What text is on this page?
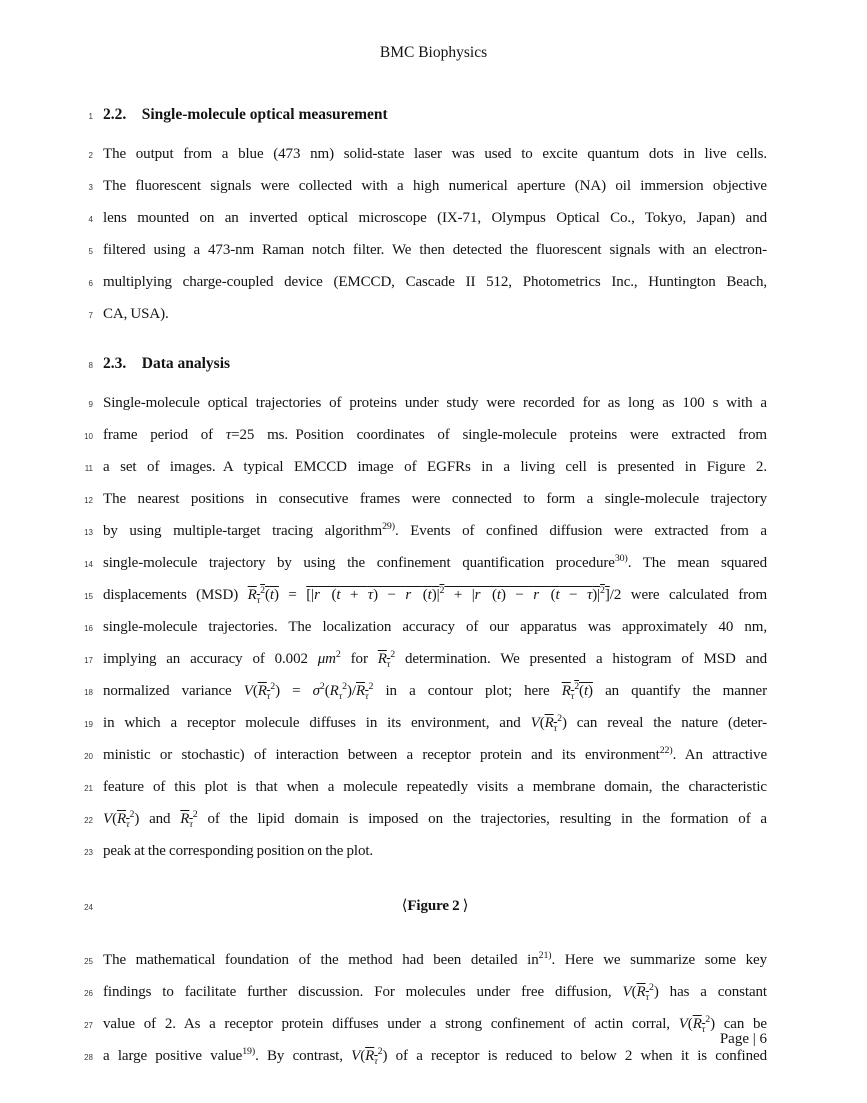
BMC Biophysics
1 2.2.  Single-molecule optical measurement
2 The output from a blue (473 nm) solid-state laser was used to excite quantum dots in live cells.
3 The fluorescent signals were collected with a high numerical aperture (NA) oil immersion objective
4 lens mounted on an inverted optical microscope (IX-71, Olympus Optical Co., Tokyo, Japan) and
5 filtered using a 473-nm Raman notch filter. We then detected the fluorescent signals with an electron-
6 multiplying charge-coupled device (EMCCD, Cascade II 512, Photometrics Inc., Huntington Beach,
7 CA, USA).
8 2.3.  Data analysis
9 Single-molecule optical trajectories of proteins under study were recorded for as long as 100 s with a
10 frame period of τ=25 ms. Position coordinates of single-molecule proteins were extracted from
11 a set of images. A typical EMCCD image of EGFRs in a living cell is presented in Figure 2.
12 The nearest positions in consecutive frames were connected to form a single-molecule trajectory
13 by using multiple-target tracing algorithm$^{29)}$. Events of confined diffusion were extracted from a
14 single-molecule trajectory by using the confinement quantification procedure$^{30)}$. The mean squared
15 displacements (MSD) $R_\tau^2(t)$ = [|r⃗(t + $\tau) - r⃗(t)|^2$ + |r⃗(t) − r⃗(t − $\tau)|^2]/2$ were calculated from
16 single-molecule trajectories. The localization accuracy of our apparatus was approximately 40 nm,
17 implying an accuracy of 0.002 $\mu m^2$ for $R_\tau^2$ determination. We presented a histogram of MSD and
18 normalized variance $V(R_\tau^2) = \sigma^2(R_\tau^2)/R_\tau^2$ in a contour plot; here $R_\tau^2(t)$ an quantify the manner
19 in which a receptor molecule diffuses in its environment, and $V(R_\tau^2)$ can reveal the nature (deter-
20 ministic or stochastic) of interaction between a receptor protein and its environment$^{22)}$. An attractive
21 feature of this plot is that when a molecule repeatedly visits a membrane domain, the characteristic
22 $V(R_\tau^2)$ and $R_\tau^2$ of the lipid domain is imposed on the trajectories, resulting in the formation of a
23 peak at the corresponding position on the plot.
24	⟨Figure 2 ⟩
25 The mathematical foundation of the method had been detailed $in^{21)}$. Here we summarize some key
26 findings to facilitate further discussion. For molecules under free diffusion, $V(R_\tau^2)$ has a constant
27 value of 2. As a receptor protein diffuses under a strong confinement of actin corral, $V(R_\tau^2)$ can be
28 a large positive value$^{19)}$. By contrast, $V(R_\tau^2)$ of a receptor is reduced to below 2 when it is confined
Page | 6
